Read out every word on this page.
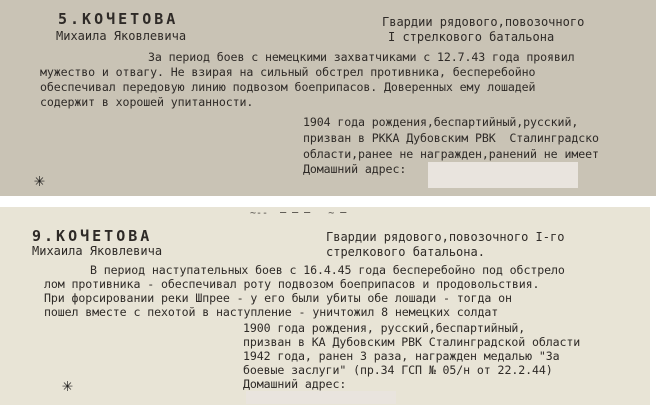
5.КОЧЕТОВА
Михаила Яковлевича
Гвардии рядового,повозочного
I стрелкового батальона
За период боев с немецкими захватчиками с 12.7.43 года проявил
мужество и отвагу. Не взирая на сильный обстрел противника, бесперебойно
обеспечивал передовую линию подвозом боеприпасов. Доверенных ему лошадей
содержит в хорошей упитанности.
1904 года рождения,беспартийный,русский,
призван в РККА Дубовским РВК  Сталинградско
области,ранее не награжден,ранений не имеет
Домашний адрес:
✳
~--  ─ ─ ─   ~ ─
9.КОЧЕТОВА
Михаила Яковлевича
Гвардии рядового,повозочного I-го
стрелкового батальона.
В период наступательных боев с 16.4.45 года бесперебойно под обстрело
лом противника - обеспечивал роту подвозом боеприпасов и продовольствия.
При форсировании реки Шпрее - у его были убиты обе лошади - тогда он
пошел вместе с пехотой в наступление - уничтожил 8 немецких солдат
1900 года рождения, русский,беспартийный,
призван в КА Дубовским РВК Сталинградской области
1942 года, ранен 3 раза, награжден медалью "За
боевые заслуги" (пр.34 ГСП № 05/н от 22.2.44)
Домашний адрес:
✳
